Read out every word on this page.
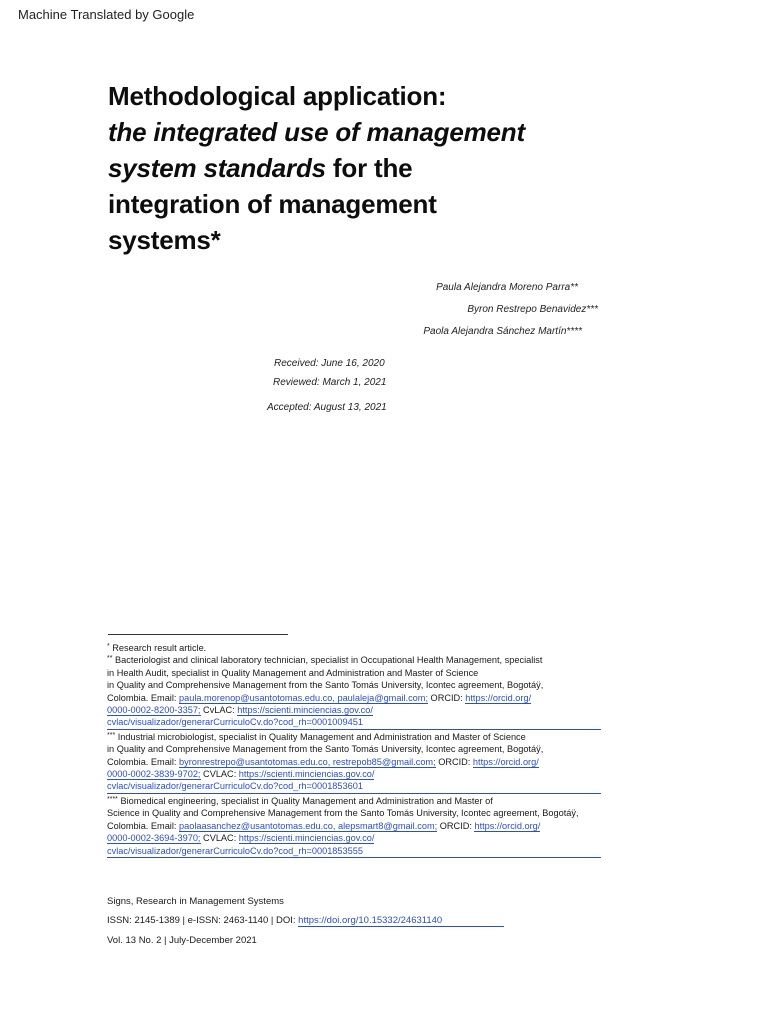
Machine Translated by Google
Methodological application:
the integrated use of management
system standards for the
integration of management
systems*
Paula Alejandra Moreno Parra**
Byron Restrepo Benavidez***
Paola Alejandra Sánchez Martín****
Received: June 16, 2020
Reviewed: March 1, 2021
Accepted: August 13, 2021
* Research result article.
** Bacteriologist and clinical laboratory technician, specialist in Occupational Health Management, specialist
in Health Audit, specialist in Quality Management and Administration and Master of Science
in Quality and Comprehensive Management from the Santo Tomás University, Icontec agreement, Bogotáÿ,
Colombia. Email: paula.morenop@usantotomas.edu.co, paulaleja@gmail.com; ORCID: https://orcid.org/
0000-0002-8200-3357; CvLAC: https://scienti.minciencias.gov.co/
cvlac/visualizador/generarCurriculoCv.do?cod_rh=0001009451
*** Industrial microbiologist, specialist in Quality Management and Administration and Master of Science
in Quality and Comprehensive Management from the Santo Tomás University, Icontec agreement, Bogotáÿ,
Colombia. Email: byronrestrepo@usantotomas.edu.co, restrepob85@gmail.com; ORCID: https://orcid.org/
0000-0002-3839-9702; CVLAC: https://scienti.minciencias.gov.co/
cvlac/visualizador/generarCurriculoCv.do?cod_rh=0001853601
**** Biomedical engineering, specialist in Quality Management and Administration and Master of
Science in Quality and Comprehensive Management from the Santo Tomás University, Icontec agreement, Bogotáÿ,
Colombia. Email: paolaasanchez@usantotomas.edu.co, alepsmart8@gmail.com; ORCID: https://orcid.org/
0000-0002-3694-3970; CVLAC: https://scienti.minciencias.gov.co/
cvlac/visualizador/generarCurriculoCv.do?cod_rh=0001853555
Signs, Research in Management Systems
ISSN: 2145-1389 | e-ISSN: 2463-1140 | DOI: https://doi.org/10.15332/24631140
Vol. 13 No. 2 | July-December 2021
